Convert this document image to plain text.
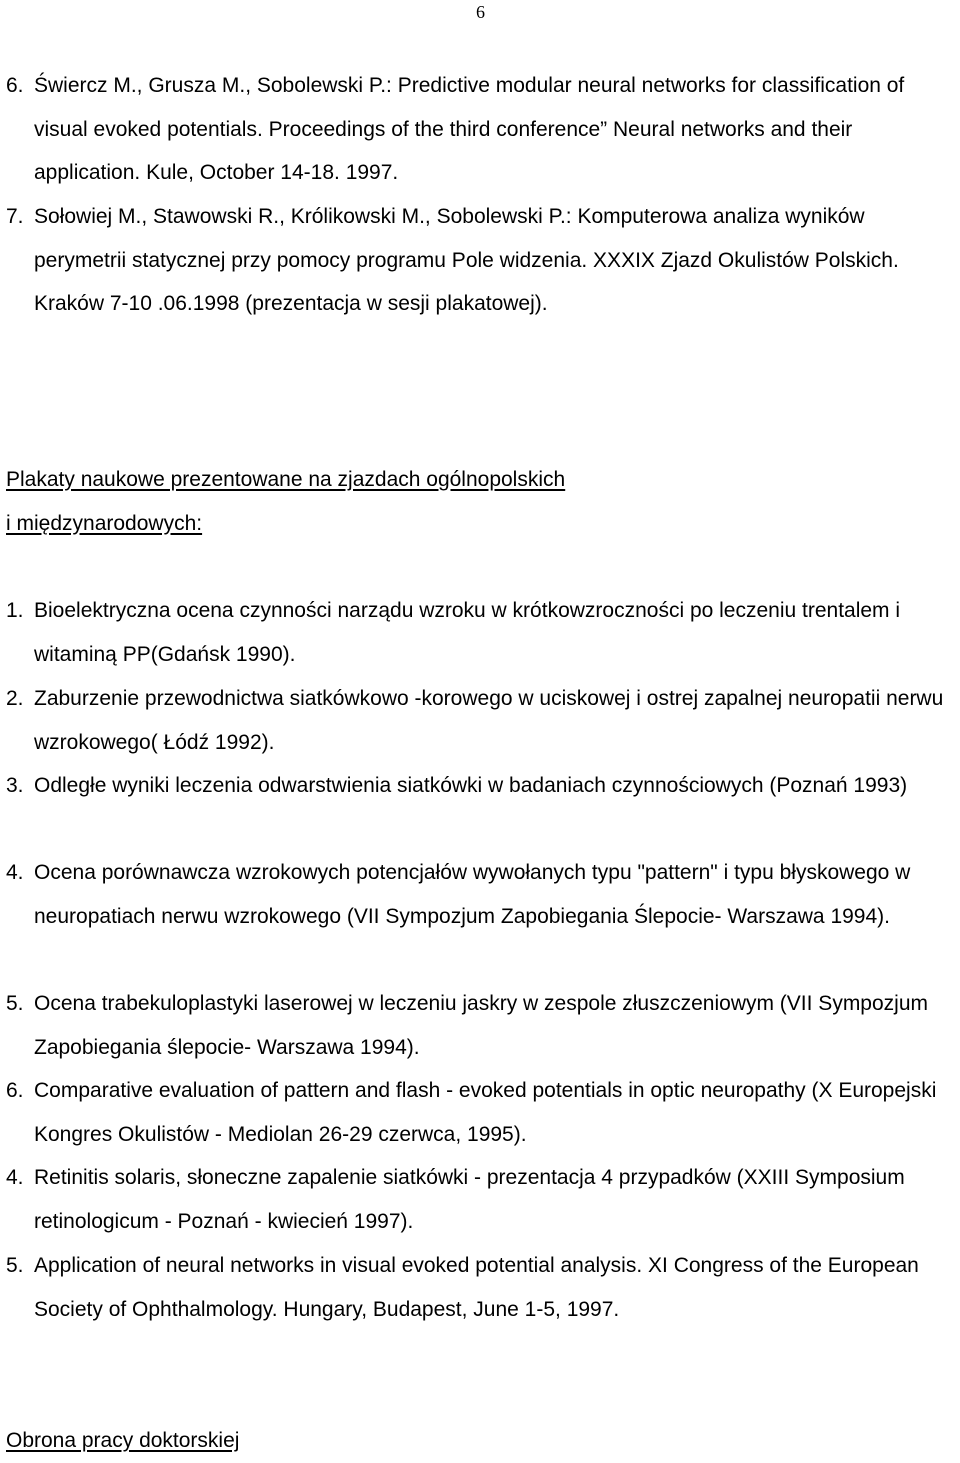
6
6. Świercz M., Grusza M., Sobolewski P.: Predictive modular neural networks for classification of visual evoked potentials. Proceedings of the third conference” Neural networks and their application. Kule, October 14-18. 1997.
7. Sołowiej M., Stawowski R., Królikowski M., Sobolewski P.: Komputerowa analiza wyników perymetrii statycznej przy pomocy programu Pole widzenia. XXXIX Zjazd Okulistów Polskich. Kraków 7-10 .06.1998 (prezentacja w sesji plakatowej).
Plakaty naukowe prezentowane na zjazdach ogólnopolskich
i międzynarodowych:
1. Bioelektryczna ocena czynności narządu wzroku w krótkowzroczności po leczeniu trentalem i witaminą PP(Gdańsk 1990).
2. Zaburzenie przewodnictwa siatkówkowo -korowego w uciskowej i ostrej zapalnej neuropatii nerwu wzrokowego( Łódź 1992).
3. Odległe wyniki leczenia odwarstwienia siatkówki w badaniach czynnościowych (Poznań 1993)
4. Ocena porównawcza wzrokowych potencjałów wywołanych typu "pattern" i typu błyskowego w neuropatiach nerwu wzrokowego (VII Sympozjum Zapobiegania Ślepocie- Warszawa 1994).
5. Ocena trabekuloplastyki laserowej w leczeniu jaskry w zespole złuszczeniowym (VII Sympozjum Zapobiegania ślepocie- Warszawa 1994).
6. Comparative evaluation of pattern and flash - evoked potentials in optic neuropathy (X Europejski Kongres Okulistów - Mediolan 26-29 czerwca, 1995).
4. Retinitis solaris, słoneczne zapalenie siatkówki - prezentacja 4 przypadków (XXIII Symposium retinologicum - Poznań - kwiecień 1997).
5. Application of neural networks in visual evoked potential analysis. XI Congress of the European Society of Ophthalmology. Hungary, Budapest, June 1-5, 1997.
Obrona pracy doktorskiej
